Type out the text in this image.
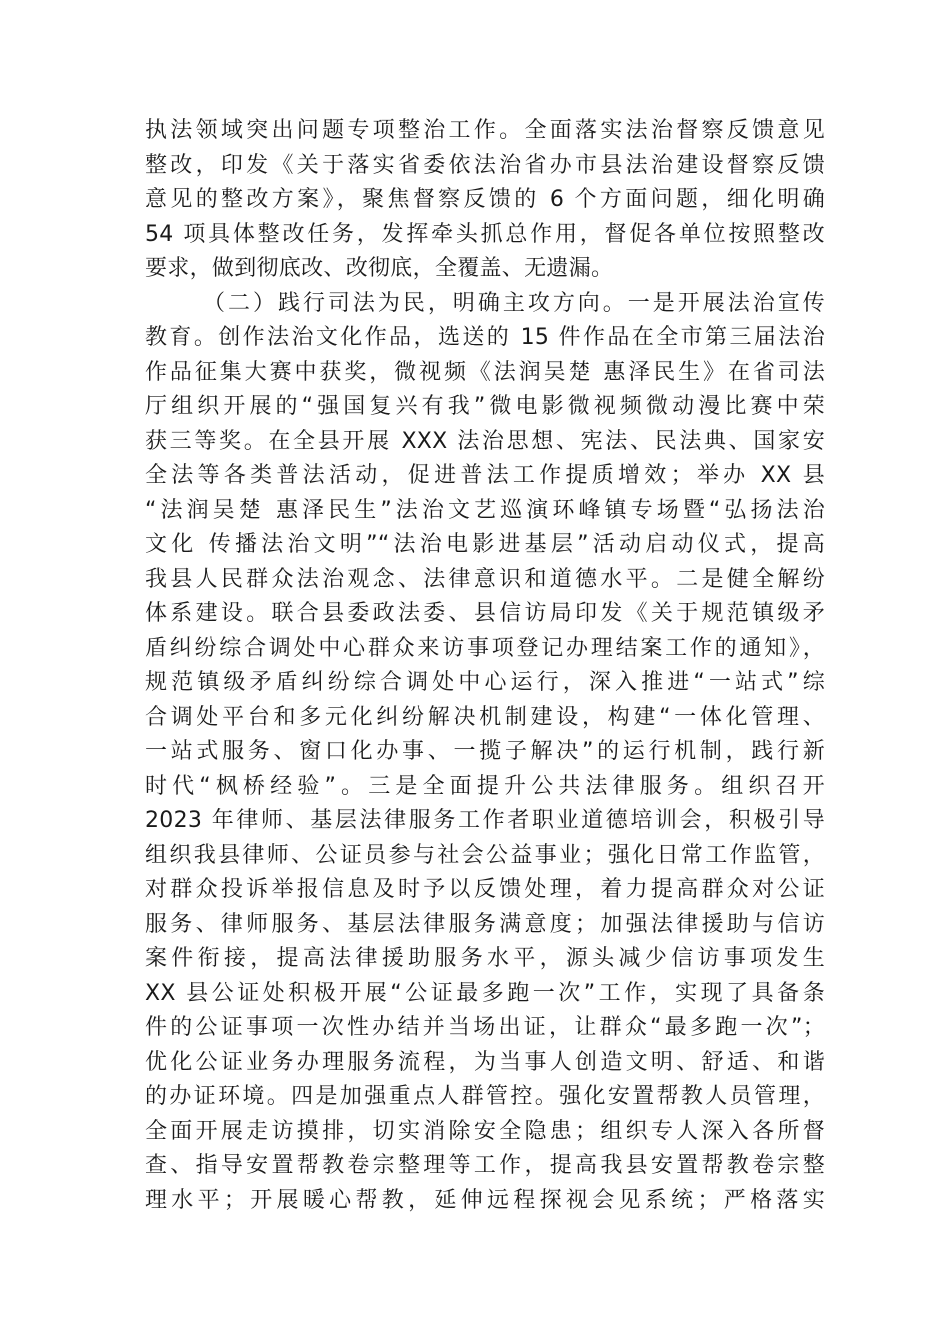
执法领域突出问题专项整治工作。全面落实法治督察反馈意见
整改，印发《关于落实省委依法治省办市县法治建设督察反馈
意见的整改方案》，聚焦督察反馈的 6 个方面问题，细化明确
54 项具体整改任务，发挥牵头抓总作用，督促各单位按照整改
要求，做到彻底改、改彻底，全覆盖、无遗漏。
（二）践行司法为民，明确主攻方向。一是开展法治宣传
教育。创作法治文化作品，选送的 15 件作品在全市第三届法治
作品征集大赛中获奖，微视频《法润吴楚 惠泽民生》在省司法
厅组织开展的“强国复兴有我”微电影微视频微动漫比赛中荣
获三等奖。在全县开展 XXX 法治思想、宪法、民法典、国家安
全法等各类普法活动，促进普法工作提质增效；举办 XX 县
“法润吴楚 惠泽民生”法治文艺巡演环峰镇专场暨“弘扬法治
文化 传播法治文明”“法治电影进基层”活动启动仪式，提高
我县人民群众法治观念、法律意识和道德水平。二是健全解纷
体系建设。联合县委政法委、县信访局印发《关于规范镇级矛
盾纠纷综合调处中心群众来访事项登记办理结案工作的通知》，
规范镇级矛盾纠纷综合调处中心运行，深入推进“一站式”综
合调处平台和多元化纠纷解决机制建设，构建“一体化管理、
一站式服务、窗口化办事、一揽子解决”的运行机制，践行新
时代“枫桥经验”。三是全面提升公共法律服务。组织召开
2023 年律师、基层法律服务工作者职业道德培训会，积极引导
组织我县律师、公证员参与社会公益事业；强化日常工作监管，
对群众投诉举报信息及时予以反馈处理，着力提高群众对公证
服务、律师服务、基层法律服务满意度；加强法律援助与信访
案件衔接，提高法律援助服务水平，源头减少信访事项发生
XX 县公证处积极开展“公证最多跑一次”工作，实现了具备条
件的公证事项一次性办结并当场出证，让群众“最多跑一次”；
优化公证业务办理服务流程，为当事人创造文明、舒适、和谐
的办证环境。四是加强重点人群管控。强化安置帮教人员管理，
全面开展走访摸排，切实消除安全隐患；组织专人深入各所督
查、指导安置帮教卷宗整理等工作，提高我县安置帮教卷宗整
理水平；开展暖心帮教，延伸远程探视会见系统；严格落实
